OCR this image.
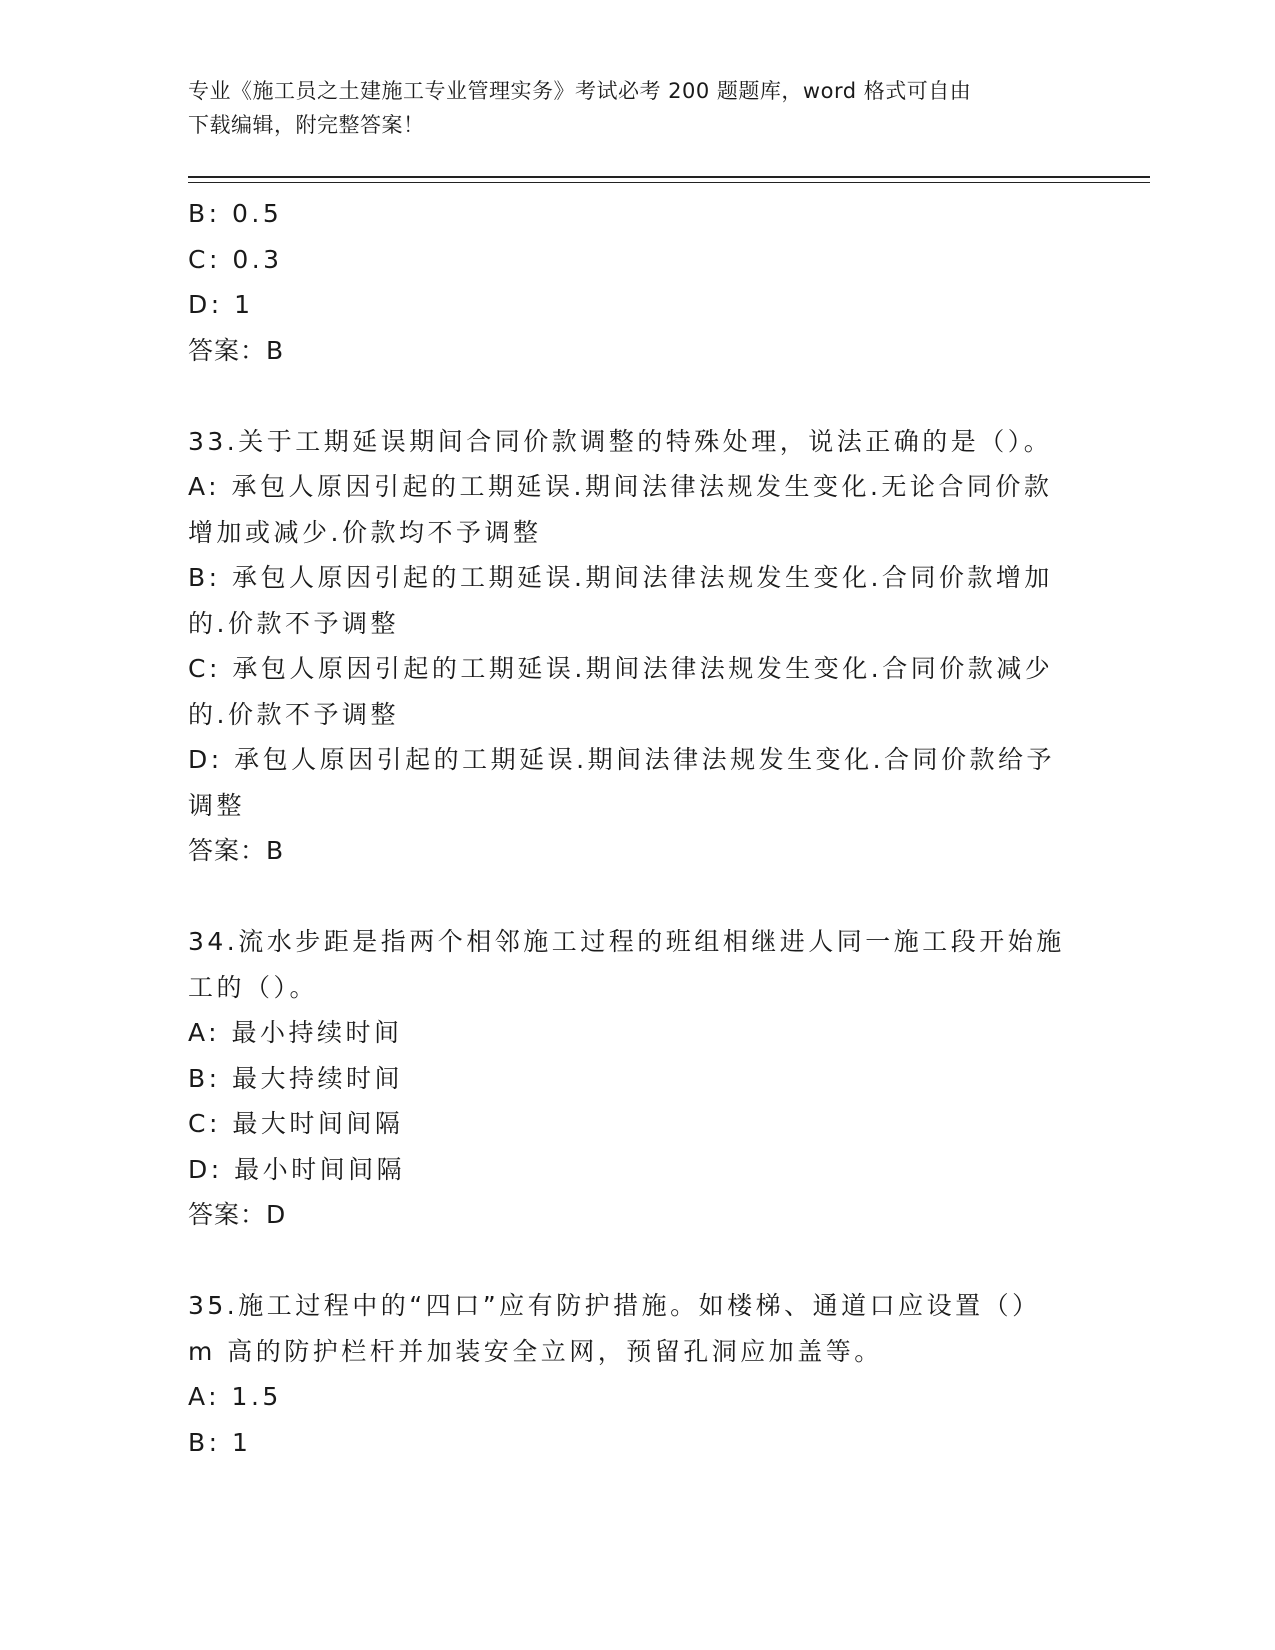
专业《施工员之土建施工专业管理实务》考试必考 200 题题库，word 格式可自由
下载编辑，附完整答案！
B: 0.5
C: 0.3
D: 1
答案：B
33.关于工期延误期间合同价款调整的特殊处理，说法正确的是（）。
A: 承包人原因引起的工期延误.期间法律法规发生变化.无论合同价款
增加或减少.价款均不予调整
B: 承包人原因引起的工期延误.期间法律法规发生变化.合同价款增加
的.价款不予调整
C: 承包人原因引起的工期延误.期间法律法规发生变化.合同价款减少
的.价款不予调整
D: 承包人原因引起的工期延误.期间法律法规发生变化.合同价款给予
调整
答案：B
34.流水步距是指两个相邻施工过程的班组相继进人同一施工段开始施
工的（）。
A: 最小持续时间
B: 最大持续时间
C: 最大时间间隔
D: 最小时间间隔
答案：D
35.施工过程中的“四口”应有防护措施。如楼梯、通道口应设置（）
m 高的防护栏杆并加装安全立网，预留孔洞应加盖等。
A: 1.5
B: 1
